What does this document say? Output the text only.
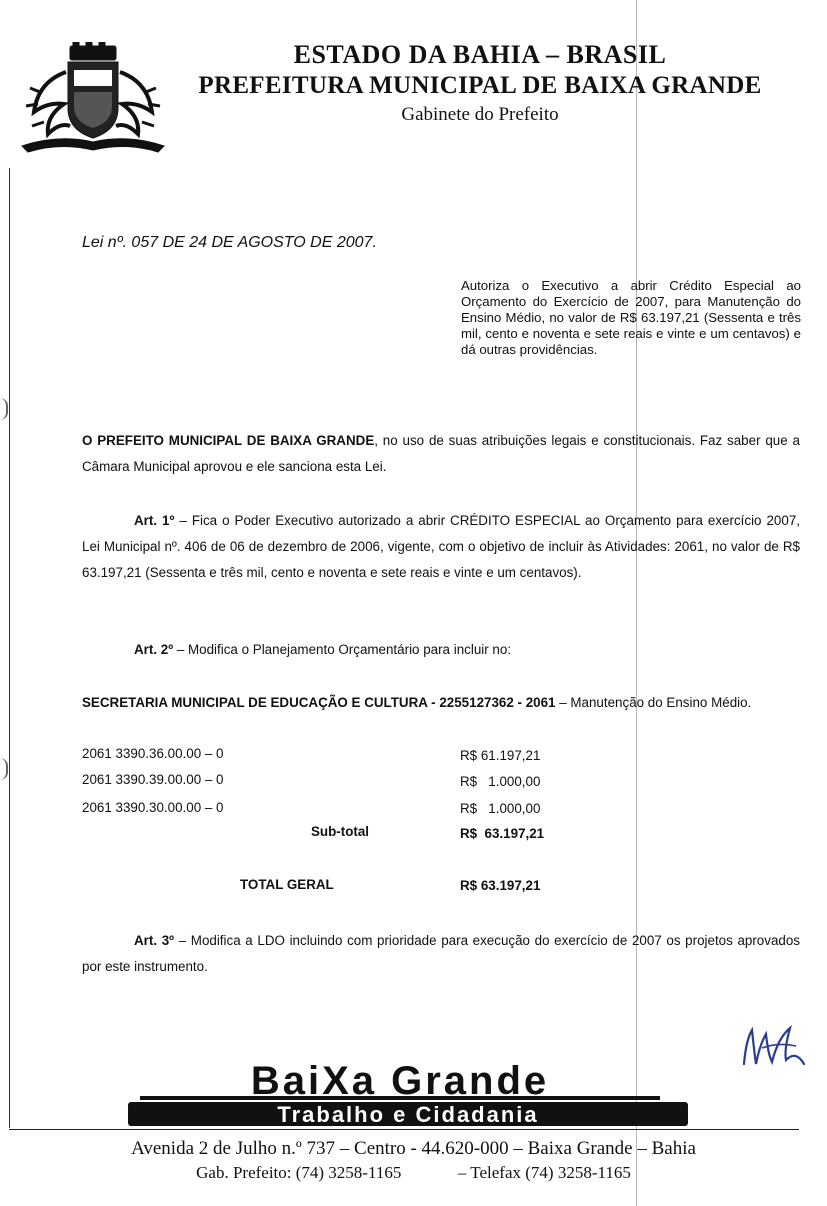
ESTADO DA BAHIA – BRASIL
PREFEITURA MUNICIPAL DE BAIXA GRANDE
Gabinete do Prefeito
Lei nº. 057 DE 24 DE AGOSTO DE 2007.
Autoriza o Executivo a abrir Crédito Especial ao Orçamento do Exercício de 2007, para Manutenção do Ensino Médio, no valor de R$ 63.197,21 (Sessenta e três mil, cento e noventa e sete reais e vinte e um centavos) e dá outras providências.
O PREFEITO MUNICIPAL DE BAIXA GRANDE, no uso de suas atribuições legais e constitucionais. Faz saber que a Câmara Municipal aprovou e ele sanciona esta Lei.
Art. 1º – Fica o Poder Executivo autorizado a abrir CRÉDITO ESPECIAL ao Orçamento para exercício 2007, Lei Municipal nº. 406 de 06 de dezembro de 2006, vigente, com o objetivo de incluir às Atividades: 2061, no valor de R$ 63.197,21 (Sessenta e três mil, cento e noventa e sete reais e vinte e um centavos).
Art. 2º – Modifica o Planejamento Orçamentário para incluir no:
SECRETARIA MUNICIPAL DE EDUCAÇÃO E CULTURA - 2255127362 - 2061 – Manutenção do Ensino Médio.
2061 3390.36.00.00 – 0	R$ 61.197,21
2061 3390.39.00.00 – 0	R$   1.000,00
2061 3390.30.00.00 – 0	R$   1.000,00
Sub-total	R$  63.197,21
TOTAL GERAL	R$ 63.197,21
Art. 3º – Modifica a LDO incluindo com prioridade para execução do exercício de 2007 os projetos aprovados por este instrumento.
BaiXa Grande
Trabalho e Cidadania
Avenida 2 de Julho n.º 737 – Centro - 44.620-000 – Baixa Grande – Bahia
Gab. Prefeito: (74) 3258-1165	– Telefax (74) 3258-1165
